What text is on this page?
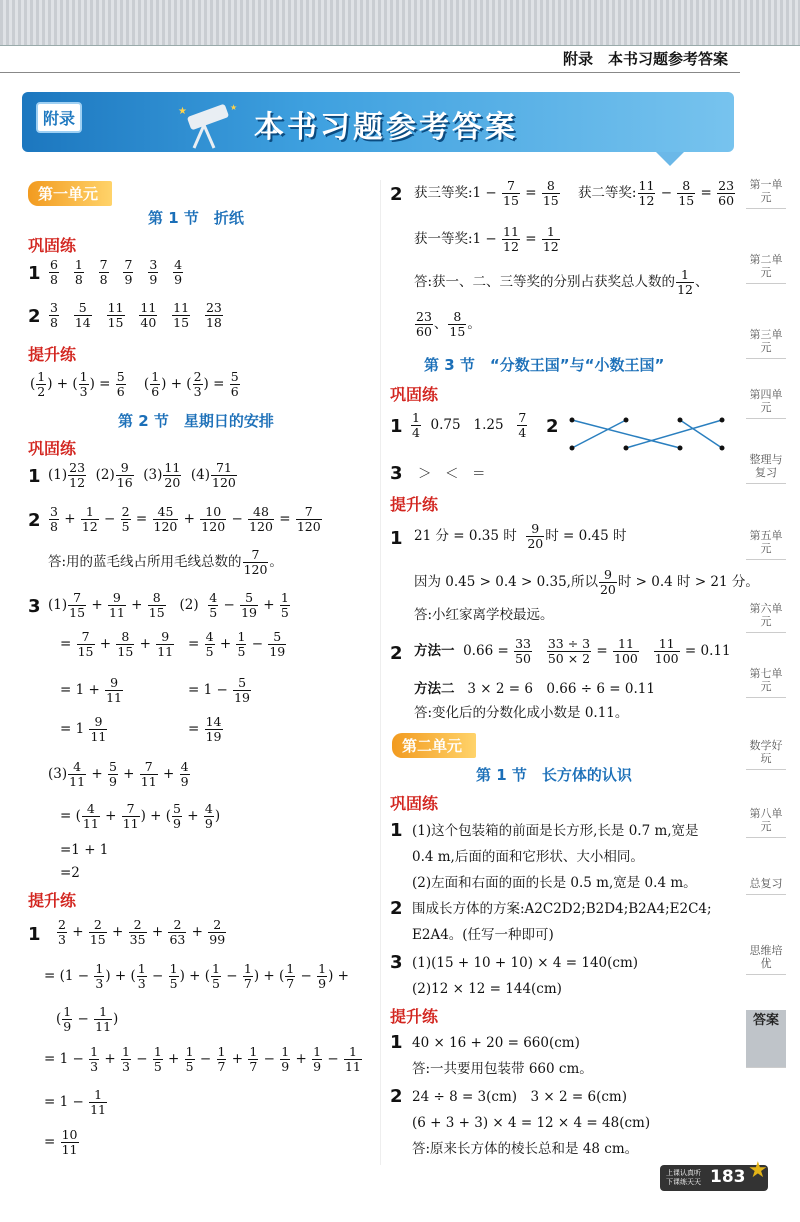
附录　本书习题参考答案
附录	★	★
本书习题参考答案
第一单元
第 1 节　折纸
巩固练
$1 \frac{6}{8}$
$\frac{1}{8}$
$\frac{7}{8}$
$\frac{7}{9}$
$\frac{3}{9}$
$\frac{4}{9}$
$2 \frac{3}{8}$
$\frac{5}{14}$
$\frac{11}{15}$
$\frac{11}{40}$
$\frac{11}{15}$
$\frac{23}{18}$
提升练
( $\frac{1}{2}$ ) + ( $\frac{1}{3}$ ) = $\frac{5}{6}$ ( $\frac{1}{6}$ ) + ( $\frac{2}{3}$ ) = $\frac{5}{6}$
第 2 节　星期日的安排
巩固练
1 $(1) \frac{23}{12} (2) \frac{9}{16} (3) \frac{11}{20} (4) \frac{71}{120}$
$2 \frac{3}{8} + \frac{1}{12} - \frac{2}{5} = \frac{45}{120} + \frac{10}{120} - \frac{48}{120} = \frac{7}{120}$
答:用的蓝毛线占所用毛线总数的 $\frac{7}{120}$ 。
3 $(1) \frac{7}{15} + \frac{9}{11} + \frac{8}{15} (2) \frac{4}{5} - \frac{5}{19} + \frac{1}{5}$
= $\frac{7}{15} + \frac{8}{15} + \frac{9}{11} = \frac{4}{5} + \frac{1}{5} - \frac{5}{19}$
= $1 + \frac{9}{11}$	= $1 - \frac{5}{19}$
= $1 \frac{9}{11}$	= $\frac{14}{19}$
$(3) \frac{4}{11} + \frac{5}{9} + \frac{7}{11} + \frac{4}{9}$
= ( $\frac{4}{11} + \frac{7}{11}$ ) + ( $\frac{5}{9} + \frac{4}{9}$ )
=1 + 1
=2
提升练
$1 \frac{2}{3} + \frac{2}{15} + \frac{2}{35} + \frac{2}{63} + \frac{2}{99}$
= ($1 - \frac{1}{3}$ ) + ( $\frac{1}{3} - \frac{1}{5}$ ) + ( $\frac{1}{5} - \frac{1}{7}$ ) + ( $\frac{1}{7} - \frac{1}{9}$ ) +
( $\frac{1}{9} - \frac{1}{11}$ )
= $1 - \frac{1}{3} + \frac{1}{3} - \frac{1}{5} + \frac{1}{5} - \frac{1}{7} + \frac{1}{7} - \frac{1}{9} + \frac{1}{9} - \frac{1}{11}$
= $1 - \frac{1}{11}$
= $\frac{10}{11}$
2 获三等奖:1 − $\frac{7}{15} = \frac{8}{15}$ 获二等奖: $\frac{11}{12} - \frac{8}{15} = \frac{23}{60}$
获一等奖:1 − $\frac{11}{12} = \frac{1}{12}$
答:获一、二、三等奖的分别占获奖总人数的 $\frac{1}{12}$ 、
$\frac{23}{60}$ 、 $\frac{8}{15}$ 。
第 3 节　“分数王国”与“小数王国”
巩固练
$1 \frac{1}{4} 0.75$ $1.25 \frac{7}{4} 2$
3 ＞　＜　＝
提升练
1 21 分 = 0.35 时 $\frac{9}{20}$ 时 = 0.45 时
因为 0.45 > 0.4 > 0.35,所以 $\frac{9}{20}$ 时 > 0.4 时 > 21 分。
答:小红家离学校最远。
2 方法一 $0.66 = \frac{33}{50}$
$\frac{33 \div 3}{50 \times 2} = \frac{11}{100}$
$\frac{11}{100} = 0.11$
方法二 3 × 2 = 6　0.66 ÷ 6 = 0.11
答:变化后的分数化成小数是 0.11。
第二单元
第 1 节　长方体的认识
巩固练
1 (1)这个包装箱的前面是长方形,长是 0.7 m,宽是
0.4 m,后面的面和它形状、大小相同。
(2)左面和右面的面的长是 0.5 m,宽是 0.4 m。
2 围成长方体的方案:A2C2D2;B2D4;B2A4;E2C4;
E2A4。(任写一种即可)
3 (1)(15 + 10 + 10) × 4 = 140(cm)
(2)12 × 12 = 144(cm)
提升练
1 40 × 16 + 20 = 660(cm)
答:一共要用包装带 660 cm。
2 24 ÷ 8 = 3(cm)　3 × 2 = 6(cm)
(6 + 3 + 3) × 4 = 12 × 4 = 48(cm)
答:原来长方体的棱长总和是 48 cm。
第一单元
第二单元
第三单元
第四单元
整理与复习
第五单元
第六单元
第七单元
数学好玩
第八单元
总复习
思维培优
答案
上课认真听
下课练天天 183 ★
